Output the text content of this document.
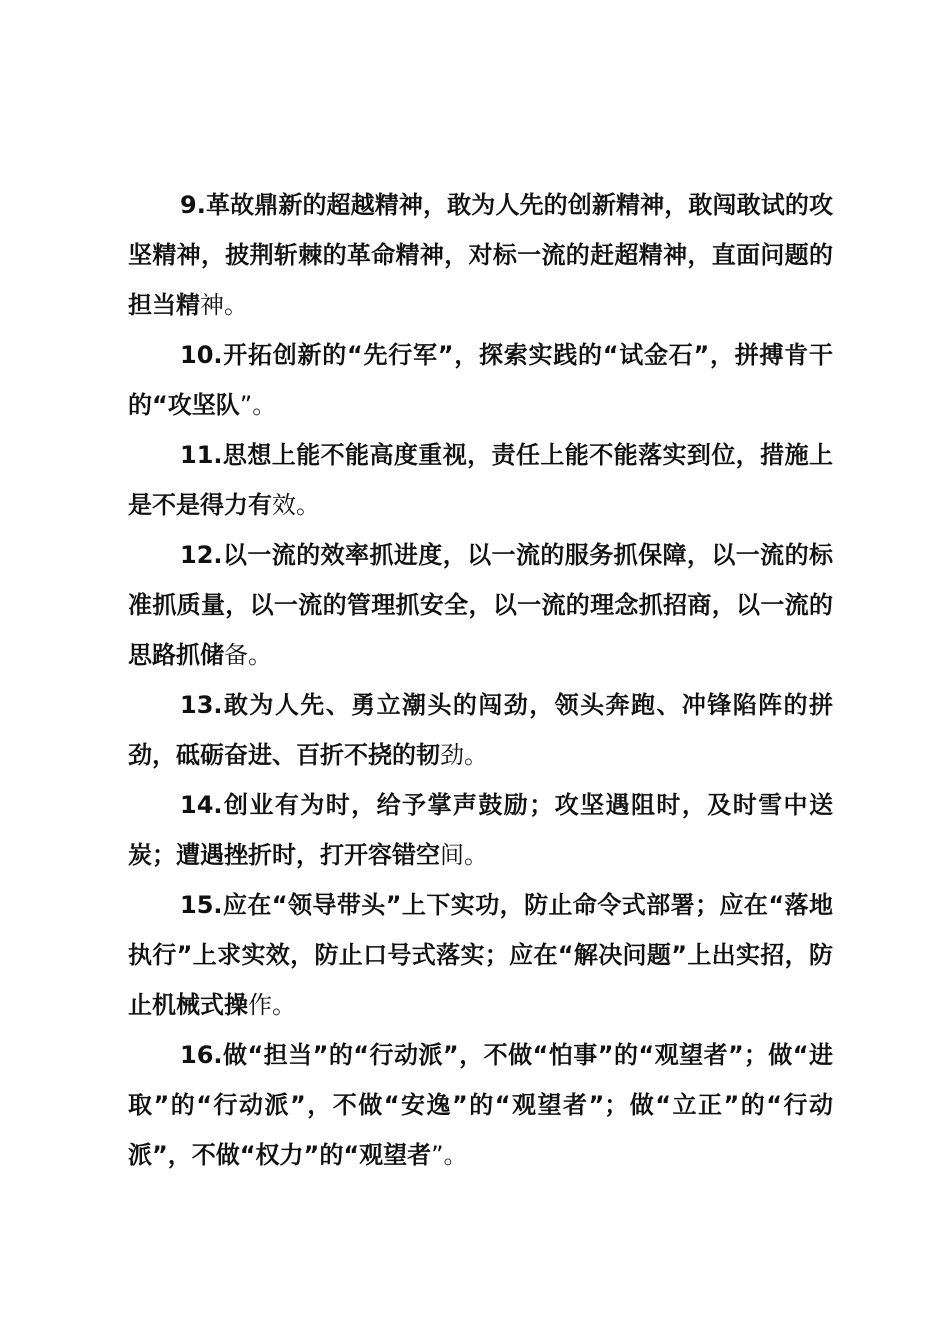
9.革故鼎新的超越精神，敢为人先的创新精神，敢闯敢试的攻坚精神，披荆斩棘的革命精神，对标一流的赶超精神，直面问题的担当精神。

10.开拓创新的“先行军”，探索实践的“试金石”，拼搏肯干的“攻坚队”。

11.思想上能不能高度重视，责任上能不能落实到位，措施上是不是得力有效。

12.以一流的效率抓进度，以一流的服务抓保障，以一流的标准抓质量，以一流的管理抓安全，以一流的理念抓招商，以一流的思路抓储备。

13.敢为人先、勇立潮头的闯劲，领头奔跑、冲锋陷阵的拼劲，砥砺奋进、百折不挠的韧劲。

14.创业有为时，给予掌声鼓励；攻坚遇阻时，及时雪中送炭；遭遇挫折时，打开容错空间。

15.应在“领导带头”上下实功，防止命令式部署；应在“落地执行”上求实效，防止口号式落实；应在“解决问题”上出实招，防止机械式操作。

16.做“担当”的“行动派”，不做“怕事”的“观望者”；做“进取”的“行动派”，不做“安逸”的“观望者”；做“立正”的“行动派”，不做“权力”的“观望者”。
